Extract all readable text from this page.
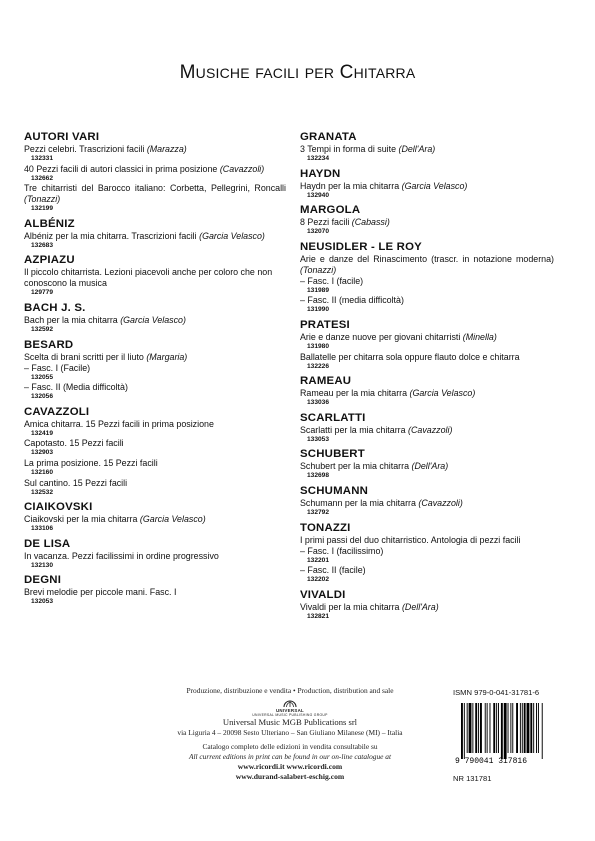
MUSICHE FACILI PER CHITARRA
AUTORI VARI
Pezzi celebri. Trascrizioni facili (Marazza)
132331
40 Pezzi facili di autori classici in prima posizione (Cavazzoli)
132662
Tre chitarristi del Barocco italiano: Corbetta, Pellegrini, Roncalli (Tonazzi)
132199
ALBÉNIZ
Albéniz per la mia chitarra. Trascrizioni facili (Garcia Velasco)
132683
AZPIAZU
Il piccolo chitarrista. Lezioni piacevoli anche per coloro che non conoscono la musica
129779
BACH J. S.
Bach per la mia chitarra (Garcia Velasco)
132592
BESARD
Scelta di brani scritti per il liuto (Margaria)
– Fasc. I (Facile)
132055
– Fasc. II (Media difficoltà)
132056
CAVAZZOLI
Amica chitarra. 15 Pezzi facili in prima posizione
132419
Capotasto. 15 Pezzi facili
132903
La prima posizione. 15 Pezzi facili
132160
Sul cantino. 15 Pezzi facili
132532
CIAIKOVSKI
Ciaikovski per la mia chitarra (Garcia Velasco)
133106
DE LISA
In vacanza. Pezzi facilissimi in ordine progressivo
132130
DEGNI
Brevi melodie per piccole mani. Fasc. I
132053
GRANATA
3 Tempi in forma di suite (Dell'Ara)
132234
HAYDN
Haydn per la mia chitarra (Garcia Velasco)
132940
MARGOLA
8 Pezzi facili (Cabassi)
132070
NEUSIDLER - LE ROY
Arie e danze del Rinascimento (trascr. in notazione moderna) (Tonazzi)
– Fasc. I (facile)
131989
– Fasc. II (media difficoltà)
131990
PRATESI
Arie e danze nuove per giovani chitarristi (Minella)
131980
Ballatelle per chitarra sola oppure flauto dolce e chitarra
132226
RAMEAU
Rameau per la mia chitarra (Garcia Velasco)
133036
SCARLATTI
Scarlatti per la mia chitarra (Cavazzoli)
133053
SCHUBERT
Schubert per la mia chitarra (Dell'Ara)
132698
SCHUMANN
Schumann per la mia chitarra (Cavazzoli)
132792
TONAZZI
I primi passi del duo chitarristico. Antologia di pezzi facili
– Fasc. I (facilissimo)
132201
– Fasc. II (facile)
132202
VIVALDI
Vivaldi per la mia chitarra (Dell'Ara)
132821
Produzione, distribuzione e vendita • Production, distribution and sale
UNIVERSAL
UNIVERSAL MUSIC PUBLISHING GROUP
Universal Music MGB Publications srl
via Liguria 4 – 20098 Sesto Ulteriano – San Giuliano Milanese (MI) – Italia
Catalogo completo delle edizioni in vendita consultabile su
All current editions in print can be found in our on-line catalogue at
www.ricordi.it www.ricordi.com
www.durand-salabert-eschig.com
ISMN 979-0-041-31781-6
9 790041 317816
NR 131781
